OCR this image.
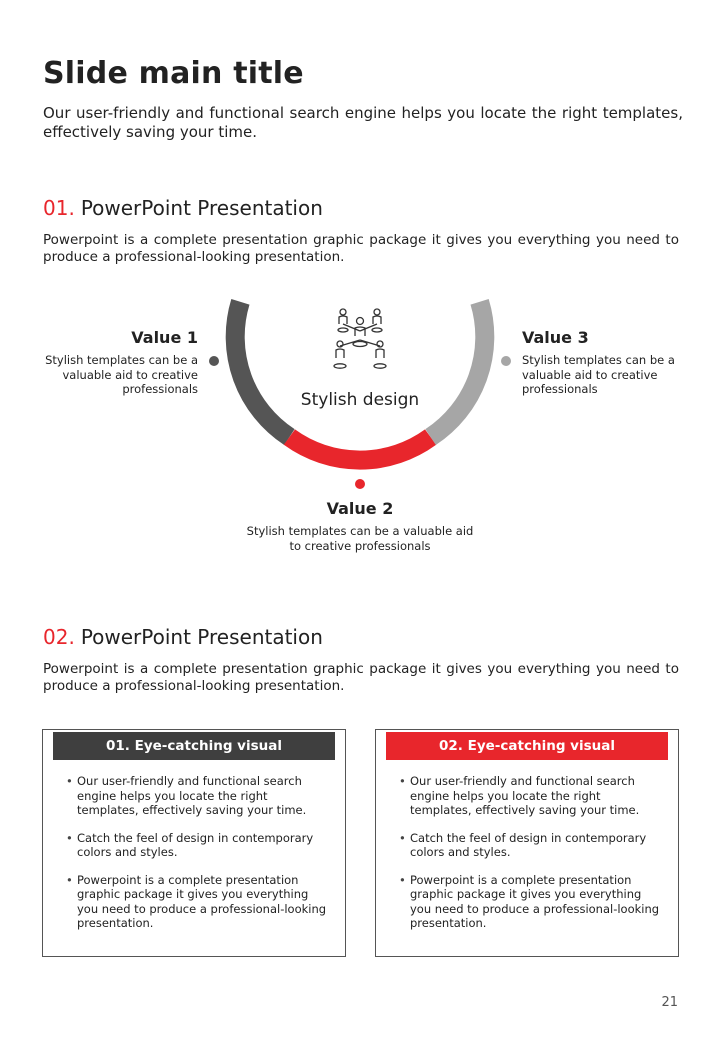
Slide main title

Our user-friendly and functional search engine helps you locate the right templates, effectively saving your time.

01. PowerPoint Presentation

Powerpoint is a complete presentation graphic package it gives you everything you need to produce a professional-looking presentation.

Stylish design
Value 1
Stylish templates can be a valuable aid to creative professionals
Value 2
Stylish templates can be a valuable aid to creative professionals
Value 3
Stylish templates can be a valuable aid to creative professionals
02. PowerPoint Presentation

Powerpoint is a complete presentation graphic package it gives you everything you need to produce a professional-looking presentation.

01. Eye-catching visual
• Our user-friendly and functional search engine helps you locate the right templates, effectively saving your time.
• Catch the feel of design in contemporary colors and styles.
• Powerpoint is a complete presentation graphic package it gives you everything you need to produce a professional-looking presentation.
02. Eye-catching visual
• Our user-friendly and functional search engine helps you locate the right templates, effectively saving your time.
• Catch the feel of design in contemporary colors and styles.
• Powerpoint is a complete presentation graphic package it gives you everything you need to produce a professional-looking presentation.
21
